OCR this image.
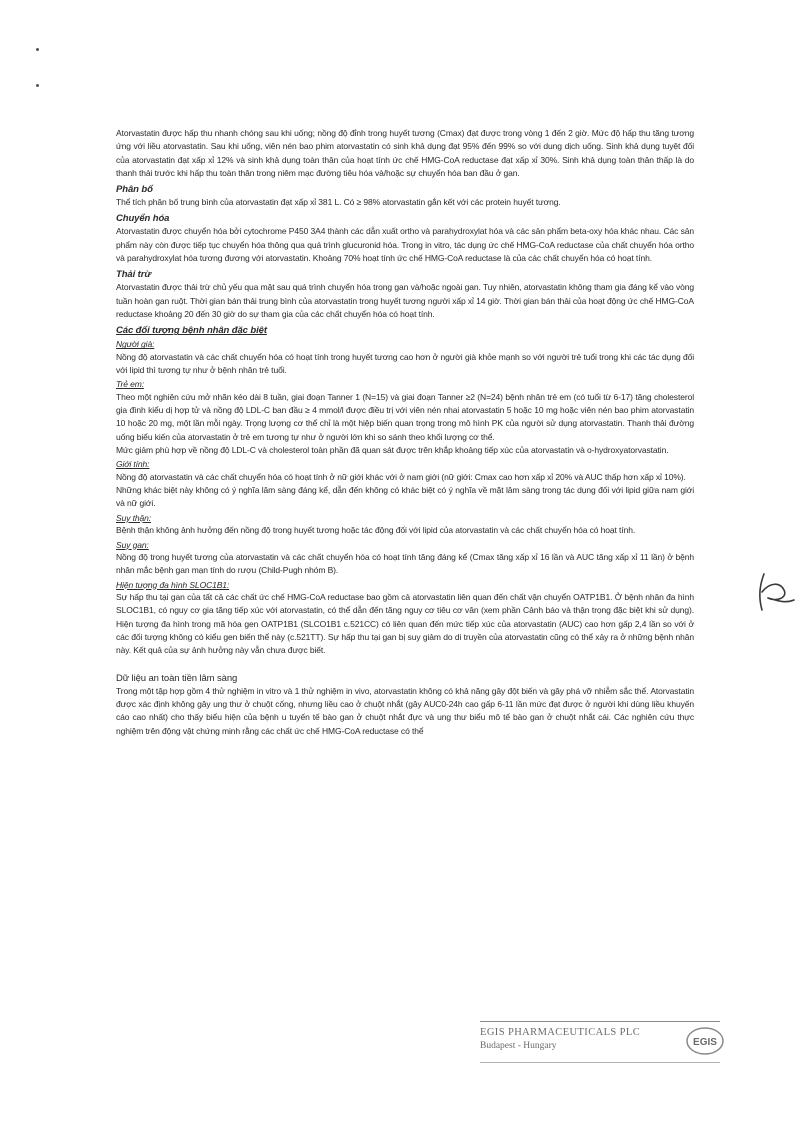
Atorvastatin được hấp thu nhanh chóng sau khi uống; nồng độ đỉnh trong huyết tương (Cmax) đạt được trong vòng 1 đến 2 giờ. Mức độ hấp thu tăng tương ứng với liều atorvastatin. Sau khi uống, viên nén bao phim atorvastatin có sinh khả dụng đạt 95% đến 99% so với dung dịch uống. Sinh khả dụng tuyệt đối của atorvastatin đạt xấp xỉ 12% và sinh khả dụng toàn thân của hoạt tính ức chế HMG-CoA reductase đạt xấp xỉ 30%. Sinh khả dụng toàn thân thấp là do thanh thải trước khi hấp thu toàn thân trong niêm mạc đường tiêu hóa và/hoặc sự chuyển hóa ban đầu ở gan.

Phân bố

Thể tích phân bố trung bình của atorvastatin đạt xấp xỉ 381 L. Có ≥ 98% atorvastatin gắn kết với các protein huyết tương.

Chuyển hóa

Atorvastatin được chuyển hóa bởi cytochrome P450 3A4 thành các dẫn xuất ortho và parahydroxylat hóa và các sản phẩm beta-oxy hóa khác nhau. Các sản phẩm này còn được tiếp tục chuyển hóa thông qua quá trình glucuronid hóa. Trong in vitro, tác dụng ức chế HMG-CoA reductase của chất chuyển hóa ortho và parahydroxylat hóa tương đương với atorvastatin. Khoảng 70% hoạt tính ức chế HMG-CoA reductase là của các chất chuyển hóa có hoạt tính.

Thải trừ

Atorvastatin được thải trừ chủ yếu qua mật sau quá trình chuyển hóa trong gan và/hoặc ngoài gan. Tuy nhiên, atorvastatin không tham gia đáng kể vào vòng tuần hoàn gan ruột. Thời gian bán thải trung bình của atorvastatin trong huyết tương người xấp xỉ 14 giờ. Thời gian bán thải của hoạt động ức chế HMG-CoA reductase khoảng 20 đến 30 giờ do sự tham gia của các chất chuyển hóa có hoạt tính.

Các đối tượng bệnh nhân đặc biệt
Người già:

Nồng độ atorvastatin và các chất chuyển hóa có hoạt tính trong huyết tương cao hơn ở người già khỏe mạnh so với người trẻ tuổi trong khi các tác dụng đối với lipid thì tương tự như ở bệnh nhân trẻ tuổi.

Trẻ em:

Theo một nghiên cứu mở nhãn kéo dài 8 tuần, giai đoạn Tanner 1 (N=15) và giai đoạn Tanner ≥2 (N=24) bệnh nhân trẻ em (có tuổi từ 6-17) tăng cholesterol gia đình kiểu dị hợp tử và nồng độ LDL-C ban đầu ≥ 4 mmol/l được điều trị với viên nén nhai atorvastatin 5 hoặc 10 mg hoặc viên nén bao phim atorvastatin 10 hoặc 20 mg, một lần mỗi ngày. Trọng lượng cơ thể chỉ là một hiệp biến quan trọng trong mô hình PK của người sử dụng atorvastatin. Thanh thải đường uống biểu kiến của atorvastatin ở trẻ em tương tự như ở người lớn khi so sánh theo khối lượng cơ thể.

Mức giảm phù hợp về nồng độ LDL-C và cholesterol toàn phần đã quan sát được trên khắp khoảng tiếp xúc của atorvastatin và o-hydroxyatorvastatin.

Giới tính:

Nồng độ atorvastatin và các chất chuyển hóa có hoạt tính ở nữ giới khác với ở nam giới (nữ giới: Cmax cao hơn xấp xỉ 20% và AUC thấp hơn xấp xỉ 10%).

Những khác biệt này không có ý nghĩa lâm sàng đáng kể, dẫn đến không có khác biệt có ý nghĩa về mặt lâm sàng trong tác dụng đối với lipid giữa nam giới và nữ giới.

Suy thận:

Bệnh thận không ảnh hưởng đến nồng độ trong huyết tương hoặc tác động đối với lipid của atorvastatin và các chất chuyển hóa có hoạt tính.

Suy gan:

Nồng độ trong huyết tương của atorvastatin và các chất chuyển hóa có hoạt tính tăng đáng kể (Cmax tăng xấp xỉ 16 lần và AUC tăng xấp xỉ 11 lần) ở bệnh nhân mắc bệnh gan mạn tính do rượu (Child-Pugh nhóm B).

Hiện tượng đa hình SLOC1B1:

Sự hấp thu tại gan của tất cả các chất ức chế HMG-CoA reductase bao gồm cả atorvastatin liên quan đến chất vận chuyển OATP1B1. Ở bệnh nhân đa hình SLOC1B1, có nguy cơ gia tăng tiếp xúc với atorvastatin, có thể dẫn đến tăng nguy cơ tiêu cơ vân (xem phần Cảnh báo và thận trọng đặc biệt khi sử dụng). Hiện tượng đa hình trong mã hóa gen OATP1B1 (SLCO1B1 c.521CC) có liên quan đến mức tiếp xúc của atorvastatin (AUC) cao hơn gấp 2,4 lần so với ở các đối tượng không có kiểu gen biến thể này (c.521TT). Sự hấp thu tại gan bị suy giảm do di truyền của atorvastatin cũng có thể xảy ra ở những bệnh nhân này. Kết quả của sự ảnh hưởng này vẫn chưa được biết.

Dữ liệu an toàn tiền lâm sàng

Trong một tập hợp gồm 4 thử nghiệm in vitro và 1 thử nghiệm in vivo, atorvastatin không có khả năng gây đột biến và gây phá vỡ nhiễm sắc thể. Atorvastatin được xác định không gây ung thư ở chuột cống, nhưng liều cao ở chuột nhắt (gây AUC0-24h cao gấp 6-11 lần mức đạt được ở người khi dùng liều khuyến cáo cao nhất) cho thấy biểu hiện của bệnh u tuyến tế bào gan ở chuột nhắt đực và ung thư biểu mô tế bào gan ở chuột nhắt cái. Các nghiên cứu thực nghiệm trên động vật chứng minh rằng các chất ức chế HMG-CoA reductase có thể

EGIS PHARMACEUTICALS PLC
Budapest - Hungary	EGIS
